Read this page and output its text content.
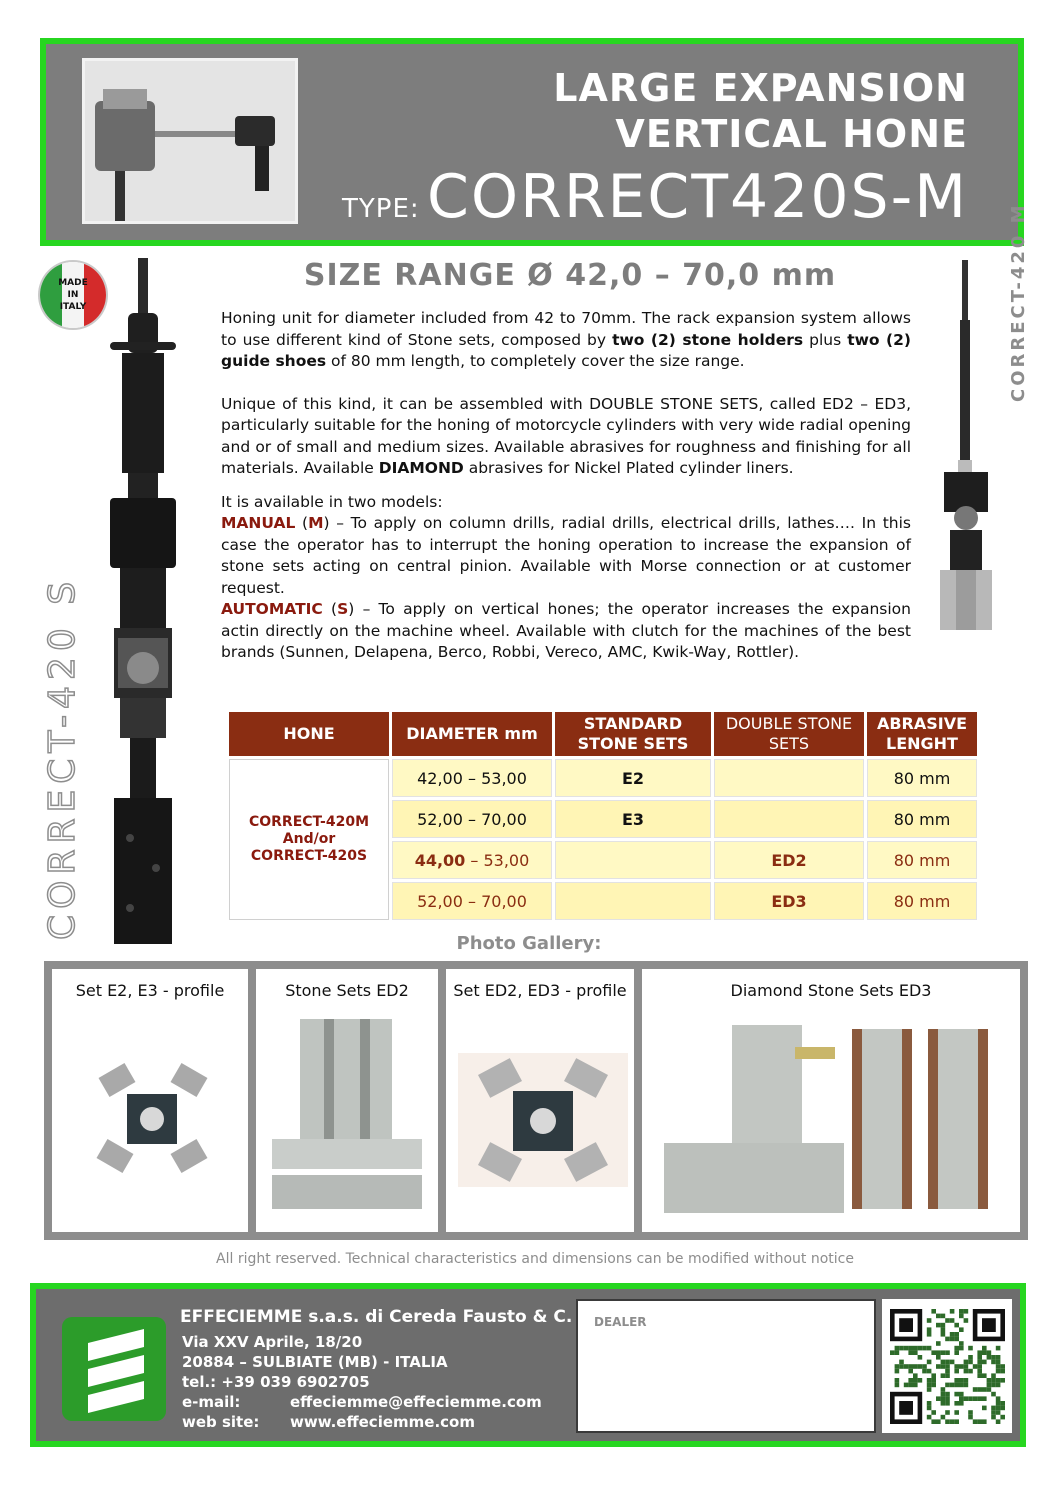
LARGE EXPANSION
VERTICAL HONE
TYPE: CORRECT420S-M
MADE
IN
ITALY
CORRECT-420 S
CORRECT-420 M
SIZE RANGE Ø 42,0 – 70,0 mm

Honing unit for diameter included from 42 to 70mm. The rack expansion system allows to use different kind of Stone sets, composed by two (2) stone holders plus two (2) guide shoes of 80 mm length, to completely cover the size range.

Unique of this kind, it can be assembled with DOUBLE STONE SETS, called ED2 – ED3, particularly suitable for the honing of motorcycle cylinders with very wide radial opening and or of small and medium sizes. Available abrasives for roughness and finishing for all materials. Available DIAMOND abrasives for Nickel Plated cylinder liners.

It is available in two models:

MANUAL (M) – To apply on column drills, radial drills, electrical drills, lathes…. In this case the operator has to interrupt the honing operation to increase the expansion of stone sets acting on central pinion. Available with Morse connection or at customer request.

AUTOMATIC (S) – To apply on vertical hones; the operator increases the expansion actin directly on the machine wheel. Available with clutch for the machines of the best brands (Sunnen, Delapena, Berco, Robbi, Vereco, AMC, Kwik-Way, Rottler).

HONE	DIAMETER mm	STANDARD STONE SETS	DOUBLE STONE SETS	ABRASIVE LENGHT

CORRECT-420M
And/or
CORRECT-420S	42,00 – 53,00	E2		80 mm
	52,00 – 70,00	E3		80 mm
	44,00 – 53,00		ED2	80 mm
	52,00 – 70,00		ED3	80 mm
Photo Gallery:
Set E2, E3 - profile	Stone Sets ED2	Set ED2, ED3 - profile	Diamond Stone Sets ED3
All right reserved. Technical characteristics and dimensions can be modified without notice
EFFECIEMME s.a.s. di Cereda Fausto & C.
Via XXV Aprile, 18/20
20884 – SULBIATE (MB) - ITALIA
tel.: +39 039 6902705
e-mail:	effeciemme@effeciemme.com
web site: www.effeciemme.com
DEALER
